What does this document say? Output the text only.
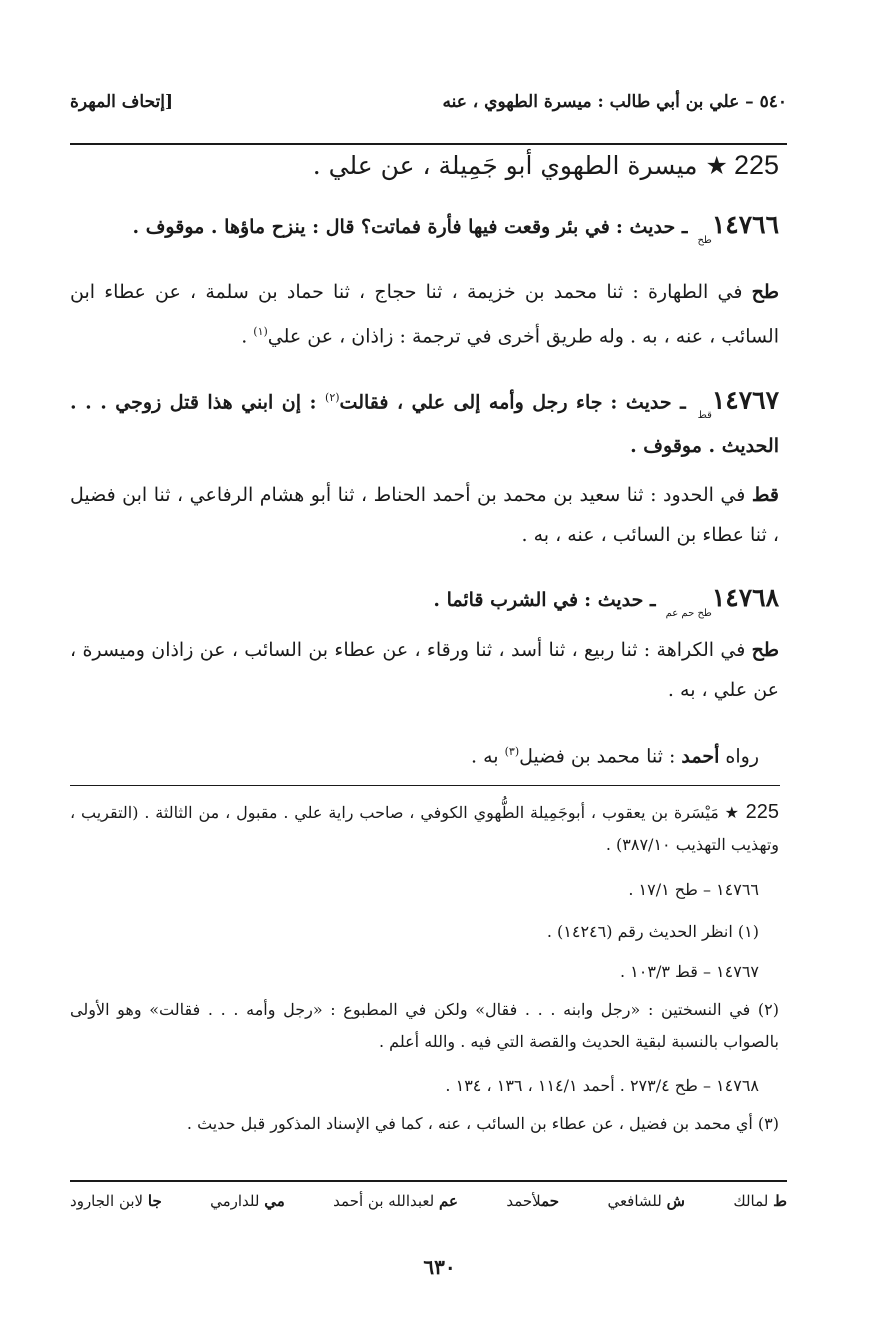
٥٤٠ – علي بن أبي طالب : ميسرة الطهوي ، عنه
[إتحاف المهرة
225★ميسرة الطهوي أبو جَمِيلة ، عن علي .
$١٤٧٦٦_{طح}$ ـ حديث : في بئر وقعت فيها فأرة فماتت؟ قال : ينزح ماؤها . موقوف .
طح في الطهارة : ثنا محمد بن خزيمة ، ثنا حجاج ، ثنا حماد بن سلمة ، عن عطاء ابن السائب ، عنه ، به . وله طريق أخرى في ترجمة : زاذان ، عن علي$^{(١)}$ .
$١٤٧٦٧_{قط}$ ـ حديث : جاء رجل وأمه إلى علي ، فقالت$^{(٢)}$ : إن ابني هذا قتل زوجي . . . الحديث . موقوف .
قط في الحدود : ثنا سعيد بن محمد بن أحمد الحناط ، ثنا أبو هشام الرفاعي ، ثنا ابن فضيل ، ثنا عطاء بن السائب ، عنه ، به .
$١٤٧٦٨_{طح حم عم}$ ـ حديث : في الشرب قائما .
طح في الكراهة : ثنا ربيع ، ثنا أسد ، ثنا ورقاء ، عن عطاء بن السائب ، عن زاذان وميسرة ، عن علي ، به .
رواه أحمد : ثنا محمد بن فضيل$^{(٣)}$ به .
225 ★ مَيْسَرة بن يعقوب ، أبوجَمِيلة الطُّهوي الكوفي ، صاحب راية علي . مقبول ، من الثالثة . (التقريب ، وتهذيب التهذيب ٣٨٧/١٠) .
١٤٧٦٦ – طح ١٧/١ .
(١) انظر الحديث رقم (١٤٢٤٦) .
١٤٧٦٧ – قط ١٠٣/٣ .
(٢) في النسختين : «رجل وابنه . . . فقال» ولكن في المطبوع : «رجل وأمه . . . فقالت» وهو الأولى بالصواب بالنسبة لبقية الحديث والقصة التي فيه . والله أعلم .
١٤٧٦٨ – طح ٢٧٣/٤ . أحمد ١١٤/١ ، ١٣٦ ، ١٣٤ .
(٣) أي محمد بن فضيل ، عن عطاء بن السائب ، عنه ، كما في الإسناد المذكور قبل حديث .
ط لمالك
ش للشافعي
حملأحمد
عم لعبدالله بن أحمد
مي للدارمي
جا لابن الجارود
٦٣٠
